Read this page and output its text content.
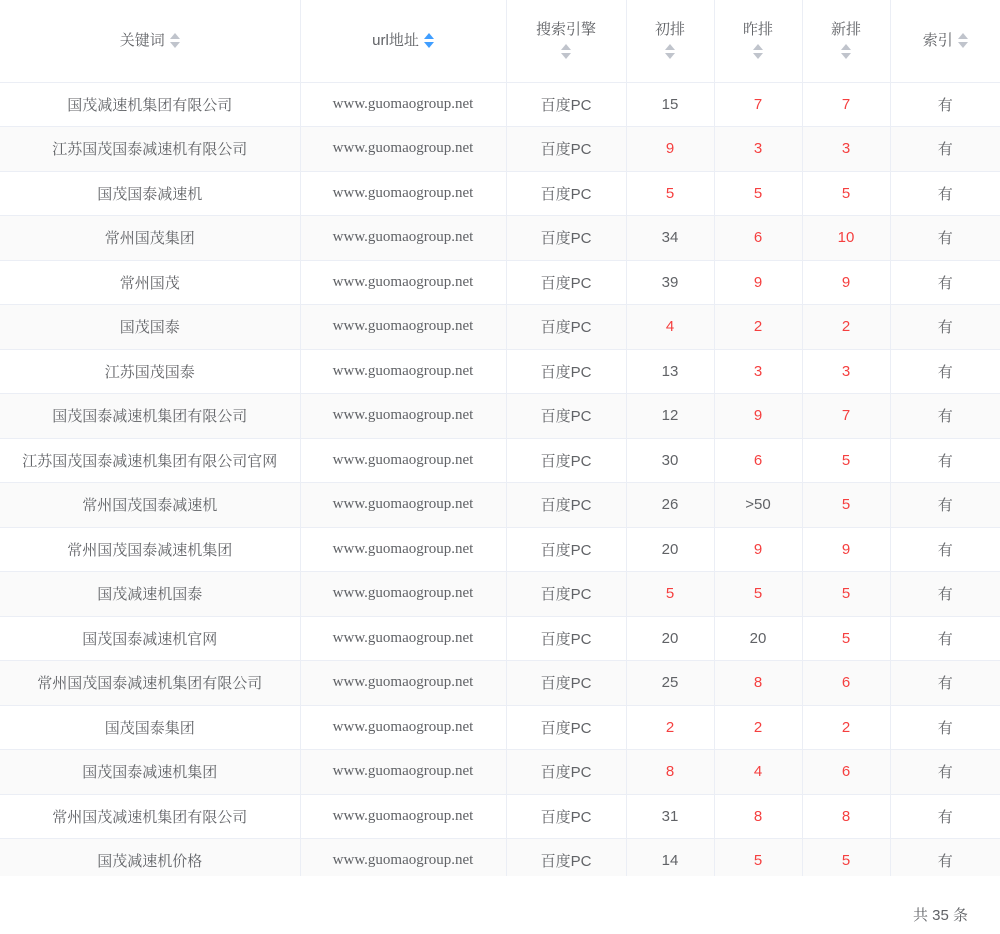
关键词	url地址	搜索引擎	初排	昨排	新排	索引

国茂减速机集团有限公司	www.guomaogroup.net	百度PC	15	7	7	有
江苏国茂国泰减速机有限公司	www.guomaogroup.net	百度PC	9	3	3	有
国茂国泰减速机	www.guomaogroup.net	百度PC	5	5	5	有
常州国茂集团	www.guomaogroup.net	百度PC	34	6	10	有
常州国茂	www.guomaogroup.net	百度PC	39	9	9	有
国茂国泰	www.guomaogroup.net	百度PC	4	2	2	有
江苏国茂国泰	www.guomaogroup.net	百度PC	13	3	3	有
国茂国泰减速机集团有限公司	www.guomaogroup.net	百度PC	12	9	7	有
江苏国茂国泰减速机集团有限公司官网	www.guomaogroup.net	百度PC	30	6	5	有
常州国茂国泰减速机	www.guomaogroup.net	百度PC	26	>50	5	有
常州国茂国泰减速机集团	www.guomaogroup.net	百度PC	20	9	9	有
国茂减速机国泰	www.guomaogroup.net	百度PC	5	5	5	有
国茂国泰减速机官网	www.guomaogroup.net	百度PC	20	20	5	有
常州国茂国泰减速机集团有限公司	www.guomaogroup.net	百度PC	25	8	6	有
国茂国泰集团	www.guomaogroup.net	百度PC	2	2	2	有
国茂国泰减速机集团	www.guomaogroup.net	百度PC	8	4	6	有
常州国茂减速机集团有限公司	www.guomaogroup.net	百度PC	31	8	8	有
国茂减速机价格	www.guomaogroup.net	百度PC	14	5	5	有
共 35 条
